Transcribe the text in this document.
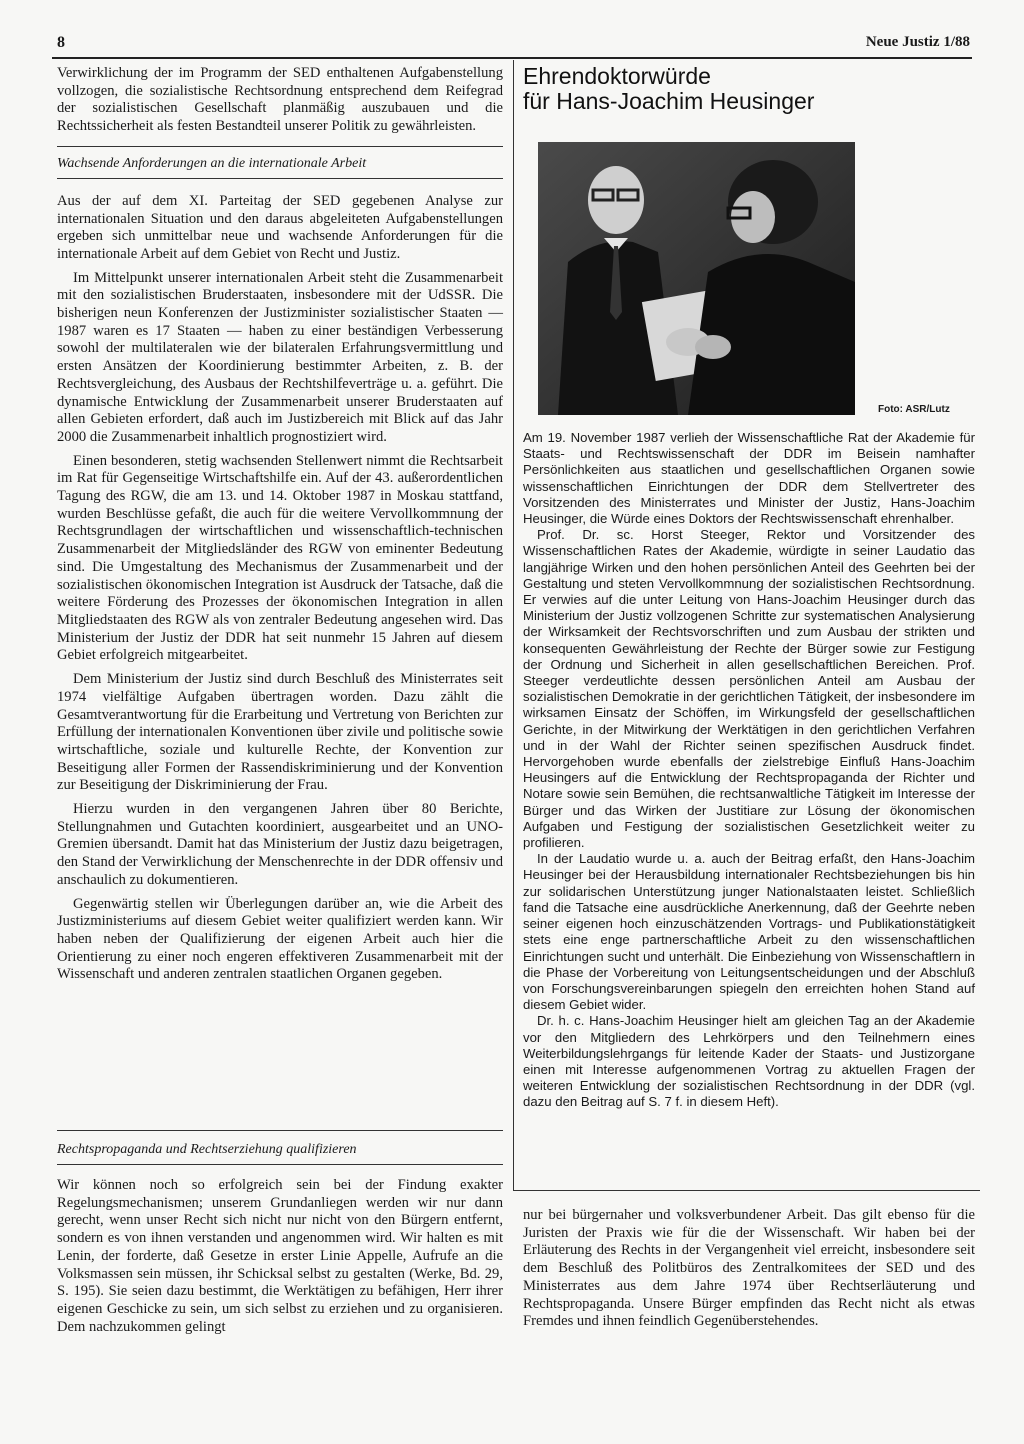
8	Neue Justiz 1/88

Verwirklichung der im Programm der SED enthaltenen Aufgabenstellung vollzogen, die sozialistische Rechtsordnung entsprechend dem Reifegrad der sozialistischen Gesellschaft planmäßig auszubauen und die Rechtssicherheit als festen Bestandteil unserer Politik zu gewährleisten.

Wachsende Anforderungen an die internationale Arbeit

Aus der auf dem XI. Parteitag der SED gegebenen Analyse zur internationalen Situation und den daraus abgeleiteten Aufgabenstellungen ergeben sich unmittelbar neue und wachsende Anforderungen für die internationale Arbeit auf dem Gebiet von Recht und Justiz.

Im Mittelpunkt unserer internationalen Arbeit steht die Zusammenarbeit mit den sozialistischen Bruderstaaten, insbesondere mit der UdSSR. Die bisherigen neun Konferenzen der Justizminister sozialistischer Staaten — 1987 waren es 17 Staaten — haben zu einer beständigen Verbesserung sowohl der multilateralen wie der bilateralen Erfahrungsvermittlung und ersten Ansätzen der Koordinierung bestimmter Arbeiten, z. B. der Rechtsvergleichung, des Ausbaus der Rechtshilfeverträge u. a. geführt. Die dynamische Entwicklung der Zusammenarbeit unserer Bruderstaaten auf allen Gebieten erfordert, daß auch im Justizbereich mit Blick auf das Jahr 2000 die Zusammenarbeit inhaltlich prognostiziert wird.

Einen besonderen, stetig wachsenden Stellenwert nimmt die Rechtsarbeit im Rat für Gegenseitige Wirtschaftshilfe ein. Auf der 43. außerordentlichen Tagung des RGW, die am 13. und 14. Oktober 1987 in Moskau stattfand, wurden Beschlüsse gefaßt, die auch für die weitere Vervollkommnung der Rechtsgrundlagen der wirtschaftlichen und wissenschaftlich-technischen Zusammenarbeit der Mitgliedsländer des RGW von eminenter Bedeutung sind. Die Umgestaltung des Mechanismus der Zusammenarbeit und der sozialistischen ökonomischen Integration ist Ausdruck der Tatsache, daß die weitere Förderung des Prozesses der ökonomischen Integration in allen Mitgliedstaaten des RGW als von zentraler Bedeutung angesehen wird. Das Ministerium der Justiz der DDR hat seit nunmehr 15 Jahren auf diesem Gebiet erfolgreich mitgearbeitet.

Dem Ministerium der Justiz sind durch Beschluß des Ministerrates seit 1974 vielfältige Aufgaben übertragen worden. Dazu zählt die Gesamtverantwortung für die Erarbeitung und Vertretung von Berichten zur Erfüllung der internationalen Konventionen über zivile und politische sowie wirtschaftliche, soziale und kulturelle Rechte, der Konvention zur Beseitigung aller Formen der Rassendiskriminierung und der Konvention zur Beseitigung der Diskriminierung der Frau.

Hierzu wurden in den vergangenen Jahren über 80 Berichte, Stellungnahmen und Gutachten koordiniert, ausgearbeitet und an UNO-Gremien übersandt. Damit hat das Ministerium der Justiz dazu beigetragen, den Stand der Verwirklichung der Menschenrechte in der DDR offensiv und anschaulich zu dokumentieren.

Gegenwärtig stellen wir Überlegungen darüber an, wie die Arbeit des Justizministeriums auf diesem Gebiet weiter qualifiziert werden kann. Wir haben neben der Qualifizierung der eigenen Arbeit auch hier die Orientierung zu einer noch engeren effektiveren Zusammenarbeit mit der Wissenschaft und anderen zentralen staatlichen Organen gegeben.

Rechtspropaganda und Rechtserziehung qualifizieren

Wir können noch so erfolgreich sein bei der Findung exakter Regelungsmechanismen; unserem Grundanliegen werden wir nur dann gerecht, wenn unser Recht sich nicht nur nicht von den Bürgern entfernt, sondern es von ihnen verstanden und angenommen wird. Wir halten es mit Lenin, der forderte, daß Gesetze in erster Linie Appelle, Aufrufe an die Volksmassen sein müssen, ihr Schicksal selbst zu gestalten (Werke, Bd. 29, S. 195). Sie seien dazu bestimmt, die Werktätigen zu befähigen, Herr ihrer eigenen Geschicke zu sein, um sich selbst zu erziehen und zu organisieren. Dem nachzukommen gelingt

Ehrendoktorwürde
für Hans-Joachim Heusinger
Foto: ASR/Lutz

Am 19. November 1987 verlieh der Wissenschaftliche Rat der Akademie für Staats- und Rechtswissenschaft der DDR im Beisein namhafter Persönlichkeiten aus staatlichen und gesellschaftlichen Organen sowie wissenschaftlichen Einrichtungen der DDR dem Stellvertreter des Vorsitzenden des Ministerrates und Minister der Justiz, Hans-Joachim Heusinger, die Würde eines Doktors der Rechtswissenschaft ehrenhalber.

Prof. Dr. sc. Horst Steeger, Rektor und Vorsitzender des Wissenschaftlichen Rates der Akademie, würdigte in seiner Laudatio das langjährige Wirken und den hohen persönlichen Anteil des Geehrten bei der Gestaltung und steten Vervollkommnung der sozialistischen Rechtsordnung. Er verwies auf die unter Leitung von Hans-Joachim Heusinger durch das Ministerium der Justiz vollzogenen Schritte zur systematischen Analysierung der Wirksamkeit der Rechtsvorschriften und zum Ausbau der strikten und konsequenten Gewährleistung der Rechte der Bürger sowie zur Festigung der Ordnung und Sicherheit in allen gesellschaftlichen Bereichen. Prof. Steeger verdeutlichte dessen persönlichen Anteil am Ausbau der sozialistischen Demokratie in der gerichtlichen Tätigkeit, der insbesondere im wirksamen Einsatz der Schöffen, im Wirkungsfeld der gesellschaftlichen Gerichte, in der Mitwirkung der Werktätigen in den gerichtlichen Verfahren und in der Wahl der Richter seinen spezifischen Ausdruck findet. Hervorgehoben wurde ebenfalls der zielstrebige Einfluß Hans-Joachim Heusingers auf die Entwicklung der Rechtspropaganda der Richter und Notare sowie sein Bemühen, die rechtsanwaltliche Tätigkeit im Interesse der Bürger und das Wirken der Justitiare zur Lösung der ökonomischen Aufgaben und Festigung der sozialistischen Gesetzlichkeit weiter zu profilieren.

In der Laudatio wurde u. a. auch der Beitrag erfaßt, den Hans-Joachim Heusinger bei der Herausbildung internationaler Rechtsbeziehungen bis hin zur solidarischen Unterstützung junger Nationalstaaten leistet. Schließlich fand die Tatsache eine ausdrückliche Anerkennung, daß der Geehrte neben seiner eigenen hoch einzuschätzenden Vortrags- und Publikationstätigkeit stets eine enge partnerschaftliche Arbeit zu den wissenschaftlichen Einrichtungen sucht und unterhält. Die Einbeziehung von Wissenschaftlern in die Phase der Vorbereitung von Leitungsentscheidungen und der Abschluß von Forschungsvereinbarungen spiegeln den erreichten hohen Stand auf diesem Gebiet wider.

Dr. h. c. Hans-Joachim Heusinger hielt am gleichen Tag an der Akademie vor den Mitgliedern des Lehrkörpers und den Teilnehmern eines Weiterbildungslehrgangs für leitende Kader der Staats- und Justizorgane einen mit Interesse aufgenommenen Vortrag zu aktuellen Fragen der weiteren Entwicklung der sozialistischen Rechtsordnung in der DDR (vgl. dazu den Beitrag auf S. 7 f. in diesem Heft).

nur bei bürgernaher und volksverbundener Arbeit. Das gilt ebenso für die Juristen der Praxis wie für die der Wissenschaft. Wir haben bei der Erläuterung des Rechts in der Vergangenheit viel erreicht, insbesondere seit dem Beschluß des Politbüros des Zentralkomitees der SED und des Ministerrates aus dem Jahre 1974 über Rechtserläuterung und Rechtspropaganda. Unsere Bürger empfinden das Recht nicht als etwas Fremdes und ihnen feindlich Gegenüberstehendes.
